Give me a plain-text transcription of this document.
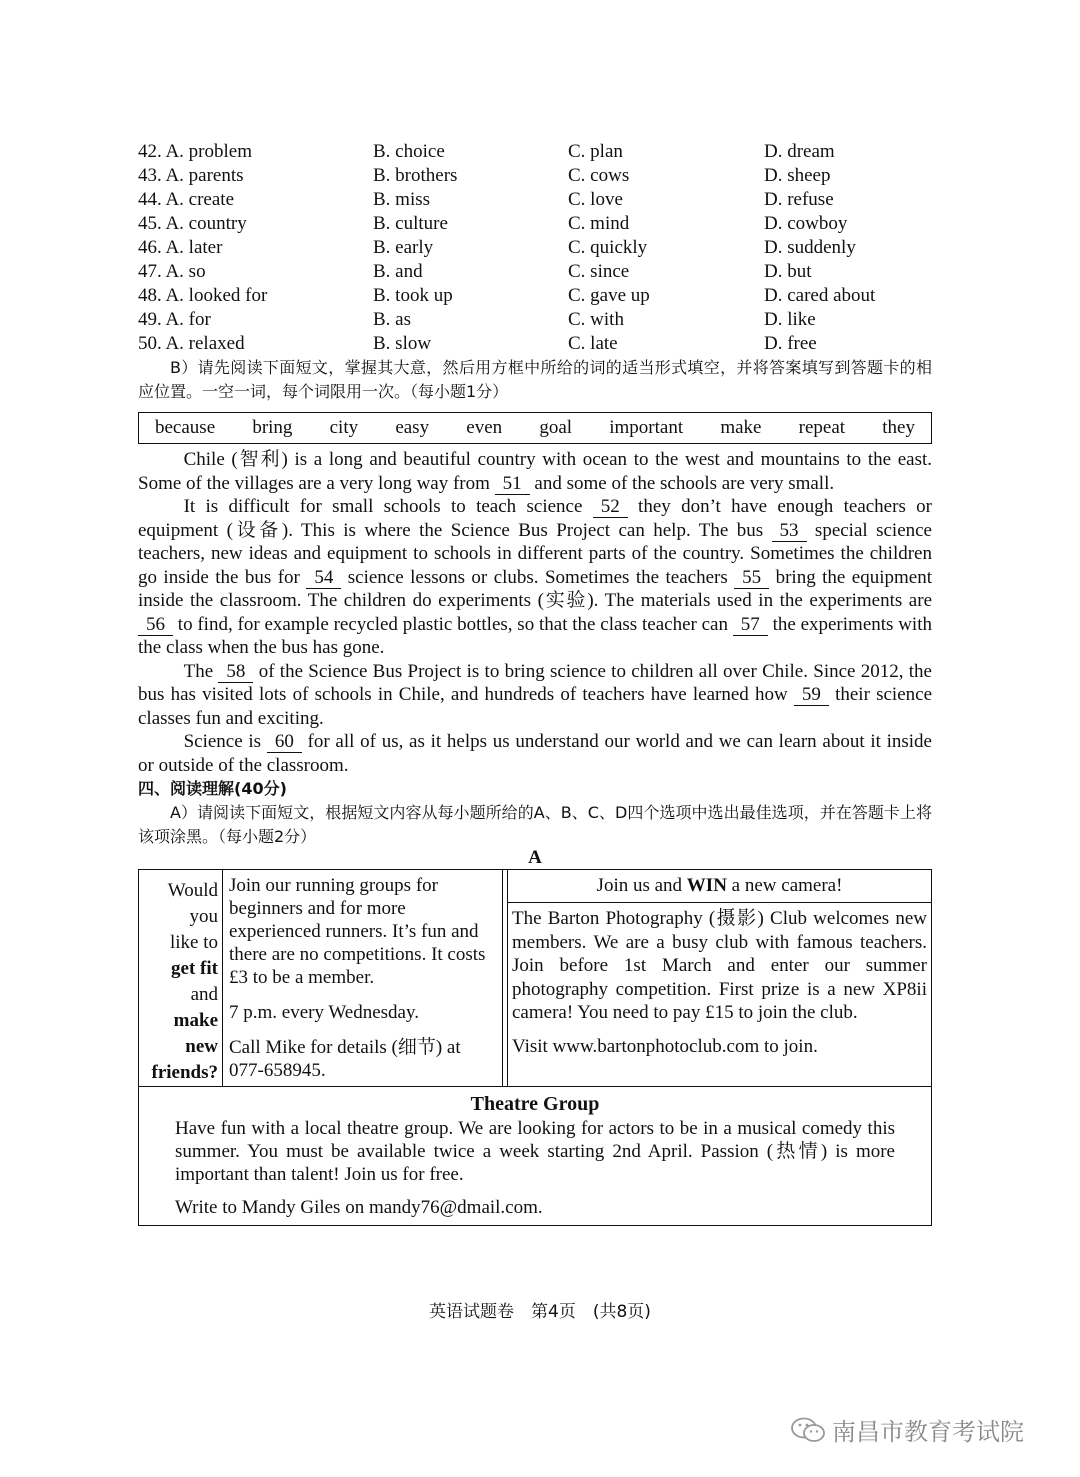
42. A. problem	B. choice	C. plan	D. dream
43. A. parents	B. brothers	C. cows	D. sheep
44. A. create	B. miss	C. love	D. refuse
45. A. country	B. culture	C. mind	D. cowboy
46. A. later	B. early	C. quickly	D. suddenly
47. A. so	B. and	C. since	D. but
48. A. looked for	B. took up	C. gave up	D. cared about
49. A. for	B. as	C. with	D. like
50. A. relaxed	B. slow	C. late	D. free
B）请先阅读下面短文，掌握其大意，然后用方框中所给的词的适当形式填空，并将答案填写到答题卡的相应位置。一空一词，每个词限用一次。（每小题1分）
because bring city easy even goal important make repeat they

Chile (智利) is a long and beautiful country with ocean to the west and mountains to the east. Some of the villages are a very long way from 51 and some of the schools are very small.

It is difficult for small schools to teach science 52 they don’t have enough teachers or equipment (设备). This is where the Science Bus Project can help. The bus 53 special science teachers, new ideas and equipment to schools in different parts of the country. Sometimes the children go inside the bus for 54 science lessons or clubs. Sometimes the teachers 55 bring the equipment inside the classroom. The children do experiments (实验). The materials used in the experiments are 56 to find, for example recycled plastic bottles, so that the class teacher can 57 the experiments with the class when the bus has gone.

The 58 of the Science Bus Project is to bring science to children all over Chile. Since 2012, the bus has visited lots of schools in Chile, and hundreds of teachers have learned how 59 their science classes fun and exciting.

Science is 60 for all of us, as it helps us understand our world and we can learn about it inside or outside of the classroom.

四、阅读理解(40分)
A）请阅读下面短文，根据短文内容从每小题所给的A、B、C、D四个选项中选出最佳选项，并在答题卡上将该项涂黑。（每小题2分）
A
Would
you
like to
get fit
and
make
new
friends?

Join our running groups for beginners and for more experienced runners. It’s fun and there are no competitions. It costs £3 to be a member.

7 p.m. every Wednesday.

Call Mike for details (细节) at 077-658945.

Join us and WIN a new camera!
The Barton Photography (摄影) Club welcomes new members. We are a busy club with famous teachers. Join before 1st March and enter our summer photography competition. First prize is a new XP8ii camera! You need to pay £15 to join the club.
Visit www.bartonphotoclub.com to join.
Theatre Group
Have fun with a local theatre group. We are looking for actors to be in a musical comedy this summer. You must be available twice a week starting 2nd April. Passion (热情) is more important than talent! Join us for free.
Write to Mandy Giles on mandy76@dmail.com.
英语试题卷　第4页　(共8页)
南昌市教育考试院
